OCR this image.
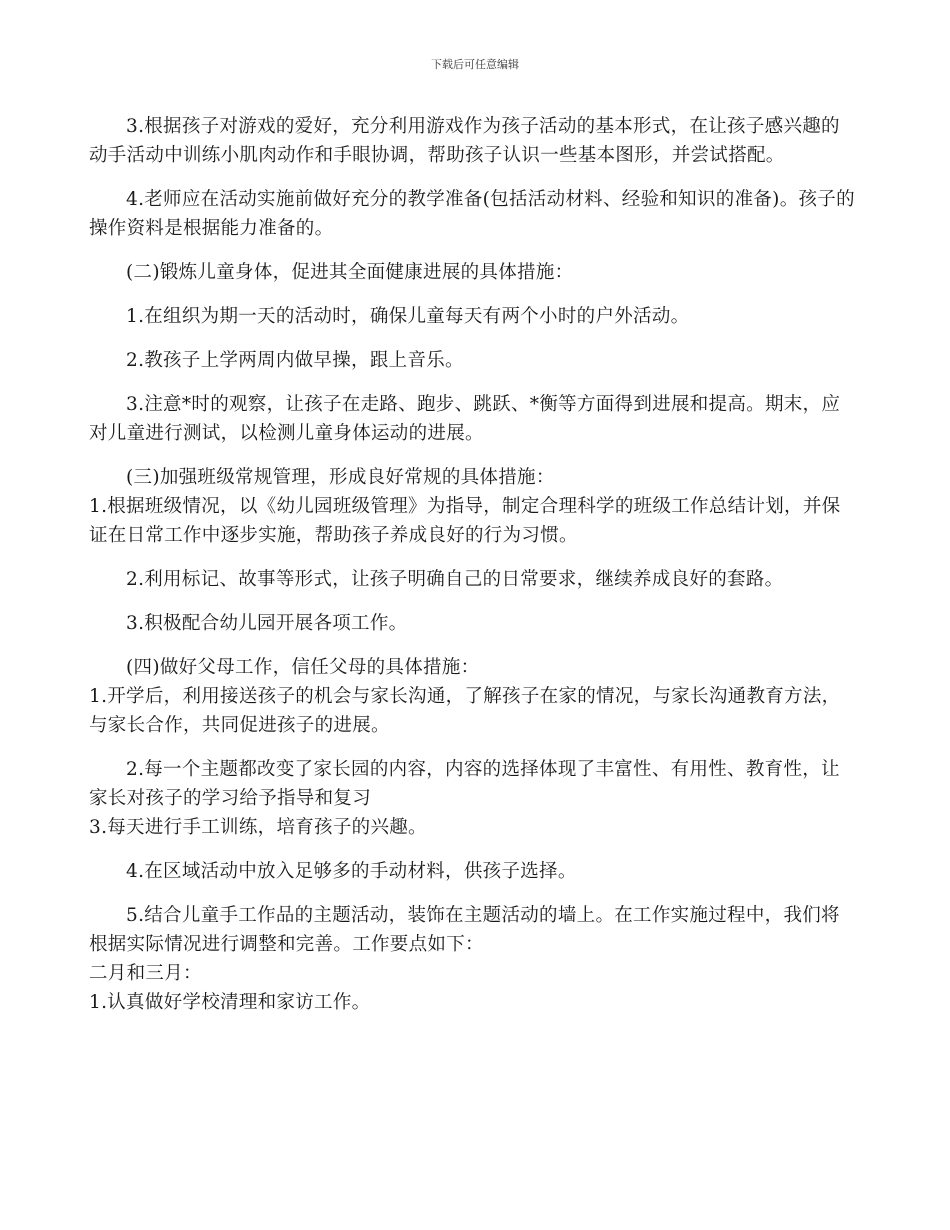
下载后可任意编辑

3.根据孩子对游戏的爱好，充分利用游戏作为孩子活动的基本形式，在让孩子感兴趣的动手活动中训练小肌肉动作和手眼协调，帮助孩子认识一些基本图形，并尝试搭配。

4.老师应在活动实施前做好充分的教学准备(包括活动材料、经验和知识的准备)。孩子的操作资料是根据能力准备的。

(二)锻炼儿童身体，促进其全面健康进展的具体措施：

1.在组织为期一天的活动时，确保儿童每天有两个小时的户外活动。

2.教孩子上学两周内做早操，跟上音乐。

3.注意*时的观察，让孩子在走路、跑步、跳跃、*衡等方面得到进展和提高。期末，应对儿童进行测试，以检测儿童身体运动的进展。

(三)加强班级常规管理，形成良好常规的具体措施：

1.根据班级情况，以《幼儿园班级管理》为指导，制定合理科学的班级工作总结计划，并保证在日常工作中逐步实施，帮助孩子养成良好的行为习惯。

2.利用标记、故事等形式，让孩子明确自己的日常要求，继续养成良好的套路。

3.积极配合幼儿园开展各项工作。

(四)做好父母工作，信任父母的具体措施：

1.开学后，利用接送孩子的机会与家长沟通，了解孩子在家的情况，与家长沟通教育方法，与家长合作，共同促进孩子的进展。

2.每一个主题都改变了家长园的内容，内容的选择体现了丰富性、有用性、教育性，让家长对孩子的学习给予指导和复习

3.每天进行手工训练，培育孩子的兴趣。

4.在区域活动中放入足够多的手动材料，供孩子选择。

5.结合儿童手工作品的主题活动，装饰在主题活动的墙上。在工作实施过程中，我们将根据实际情况进行调整和完善。工作要点如下：

二月和三月：

1.认真做好学校清理和家访工作。
